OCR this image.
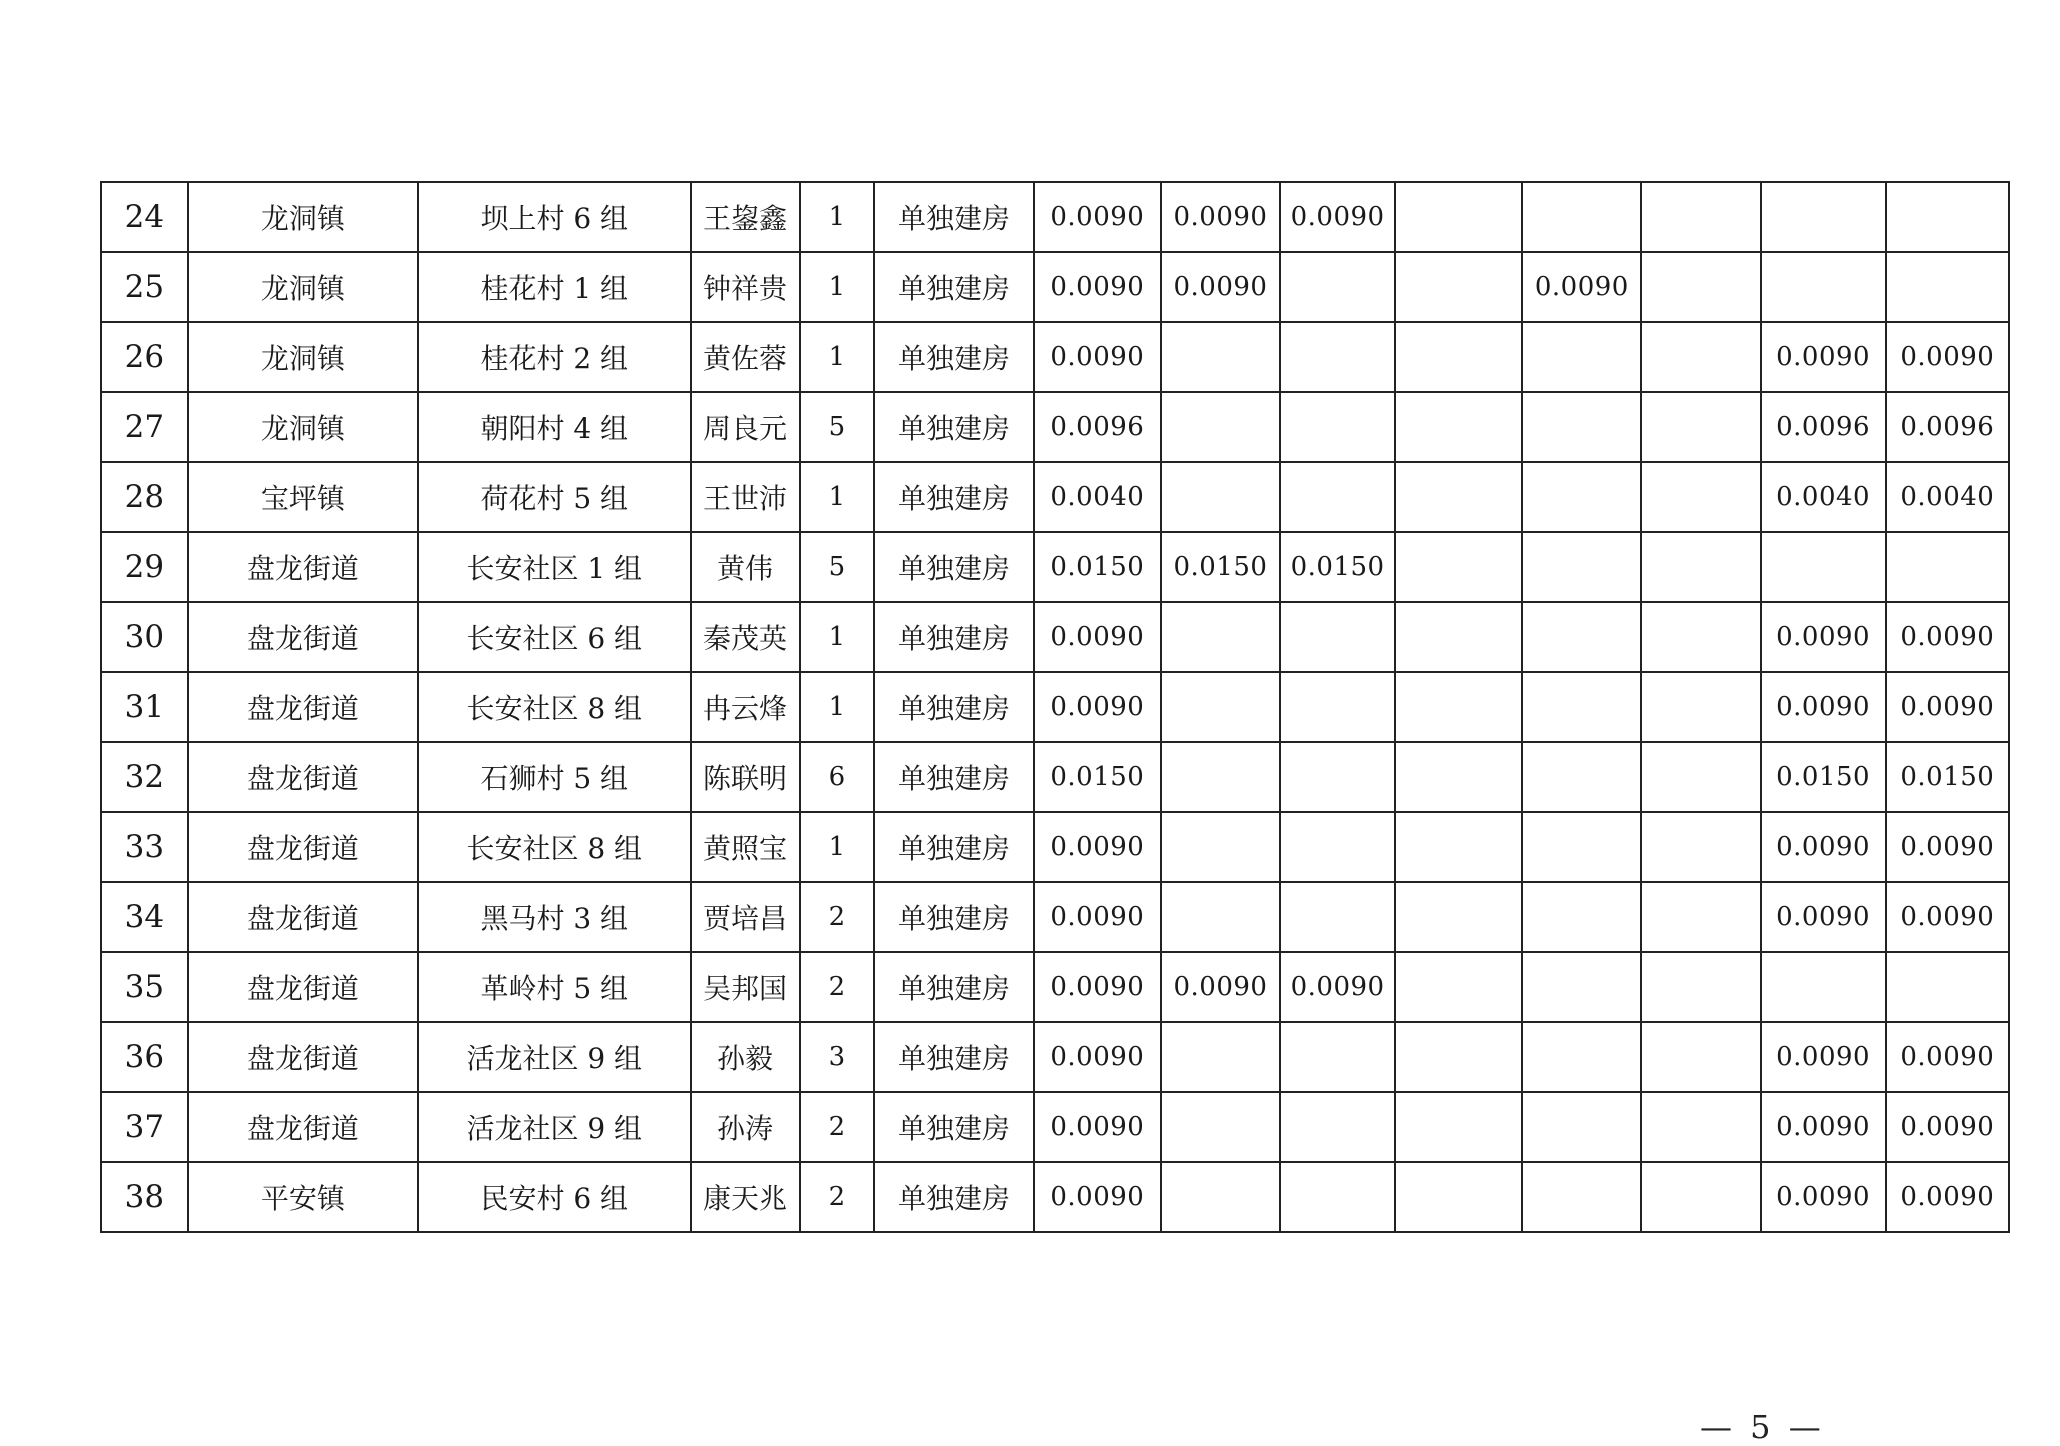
24	龙洞镇	坝上村 6 组	王鋆鑫	1	单独建房	0.0090	0.0090	0.0090					
25	龙洞镇	桂花村 1 组	钟祥贵	1	单独建房	0.0090	0.0090			0.0090			
26	龙洞镇	桂花村 2 组	黄佐蓉	1	单独建房	0.0090						0.0090	0.0090
27	龙洞镇	朝阳村 4 组	周良元	5	单独建房	0.0096						0.0096	0.0096
28	宝坪镇	荷花村 5 组	王世沛	1	单独建房	0.0040						0.0040	0.0040
29	盘龙街道	长安社区 1 组	黄伟	5	单独建房	0.0150	0.0150	0.0150					
30	盘龙街道	长安社区 6 组	秦茂英	1	单独建房	0.0090						0.0090	0.0090
31	盘龙街道	长安社区 8 组	冉云烽	1	单独建房	0.0090						0.0090	0.0090
32	盘龙街道	石狮村 5 组	陈联明	6	单独建房	0.0150						0.0150	0.0150
33	盘龙街道	长安社区 8 组	黄照宝	1	单独建房	0.0090						0.0090	0.0090
34	盘龙街道	黑马村 3 组	贾培昌	2	单独建房	0.0090						0.0090	0.0090
35	盘龙街道	革岭村 5 组	吴邦国	2	单独建房	0.0090	0.0090	0.0090					
36	盘龙街道	活龙社区 9 组	孙毅	3	单独建房	0.0090						0.0090	0.0090
37	盘龙街道	活龙社区 9 组	孙涛	2	单独建房	0.0090						0.0090	0.0090
38	平安镇	民安村 6 组	康天兆	2	单独建房	0.0090						0.0090	0.0090
— 5 —
